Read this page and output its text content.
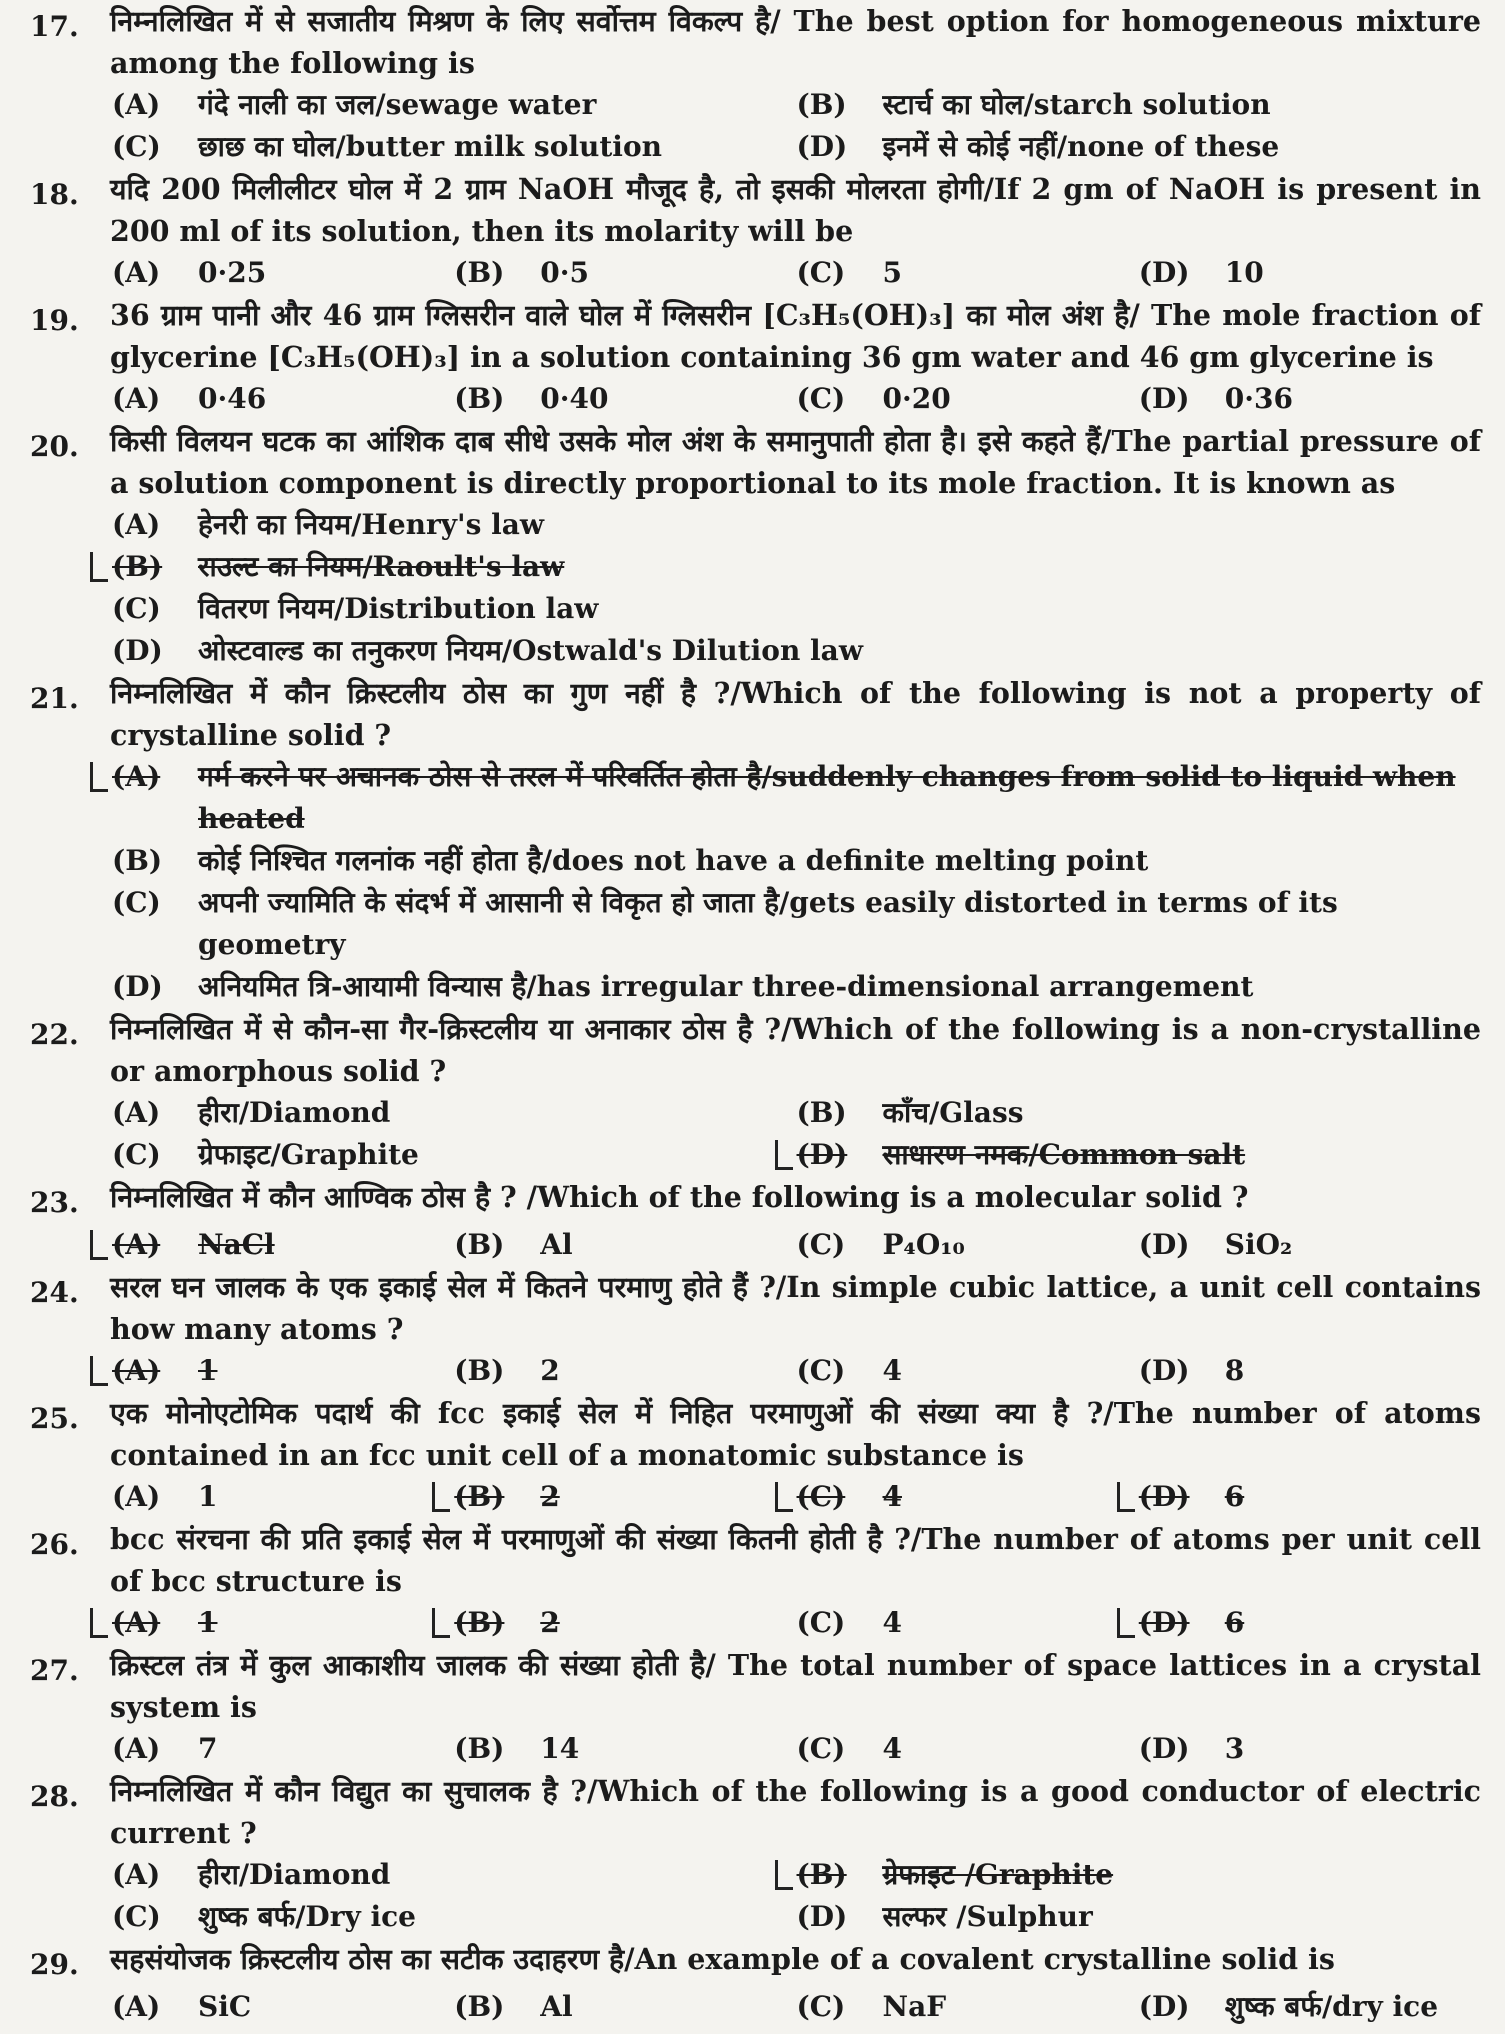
17.	निम्नलिखित में से सजातीय मिश्रण के लिए सर्वोत्तम विकल्प है/ The best option for homogeneous mixture among the following is
(A)	गंदे नाली का जल/sewage water	(B)	स्टार्च का घोल/starch solution
(C)	छाछ का घोल/butter milk solution	(D)	इनमें से कोई नहीं/none of these
18.	यदि 200 मिलीलीटर घोल में 2 ग्राम NaOH मौजूद है, तो इसकी मोलरता होगी/If 2 gm of NaOH is present in 200 ml of its solution, then its molarity will be
(A)	0·25	(B)	0·5	(C)	5	(D)	10
19.	36 ग्राम पानी और 46 ग्राम ग्लिसरीन वाले घोल में ग्लिसरीन [C₃H₅(OH)₃] का मोल अंश है/ The mole fraction of glycerine [C₃H₅(OH)₃] in a solution containing 36 gm water and 46 gm glycerine is
(A)	0·46	(B)	0·40	(C)	0·20	(D)	0·36
20.	किसी विलयन घटक का आंशिक दाब सीधे उसके मोल अंश के समानुपाती होता है। इसे कहते हैं/The partial pressure of a solution component is directly proportional to its mole fraction. It is known as
(A)	हेनरी का नियम/Henry's law
(B)	राउल्ट का नियम/Raoult's law
(C)	वितरण नियम/Distribution law
(D)	ओस्टवाल्ड का तनुकरण नियम/Ostwald's Dilution law
21.	निम्नलिखित में कौन क्रिस्टलीय ठोस का गुण नहीं है ?/Which of the following is not a property of crystalline solid ?
(A)	गर्म करने पर अचानक ठोस से तरल में परिवर्तित होता है/suddenly changes from solid to liquid when heated
(B)	कोई निश्चित गलनांक नहीं होता है/does not have a definite melting point
(C)	अपनी ज्यामिति के संदर्भ में आसानी से विकृत हो जाता है/gets easily distorted in terms of its geometry
(D)	अनियमित त्रि-आयामी विन्यास है/has irregular three-dimensional arrangement
22.	निम्नलिखित में से कौन-सा गैर-क्रिस्टलीय या अनाकार ठोस है ?/Which of the following is a non-crystalline or amorphous solid ?
(A)	हीरा/Diamond	(B)	काँच/Glass
(C)	ग्रेफाइट/Graphite	(D)	साधारण नमक/Common salt
23.	निम्नलिखित में कौन आण्विक ठोस है ? /Which of the following is a molecular solid ?
(A)	NaCl	(B)	Al	(C)	P₄O₁₀	(D)	SiO₂
24.	सरल घन जालक के एक इकाई सेल में कितने परमाणु होते हैं ?/In simple cubic lattice, a unit cell contains how many atoms ?
(A)	1	(B)	2	(C)	4	(D)	8
25.	एक मोनोएटोमिक पदार्थ की fcc इकाई सेल में निहित परमाणुओं की संख्या क्या है ?/The number of atoms contained in an fcc unit cell of a monatomic substance is
(A)	1	(B)	2	(C)	4	(D)	6
26.	bcc संरचना की प्रति इकाई सेल में परमाणुओं की संख्या कितनी होती है ?/The number of atoms per unit cell of bcc structure is
(A)	1	(B)	2	(C)	4	(D)	6
27.	क्रिस्टल तंत्र में कुल आकाशीय जालक की संख्या होती है/ The total number of space lattices in a crystal system is
(A)	7	(B)	14	(C)	4	(D)	3
28.	निम्नलिखित में कौन विद्युत का सुचालक है ?/Which of the following is a good conductor of electric current ?
(A)	हीरा/Diamond	(B)	ग्रेफाइट /Graphite
(C)	शुष्क बर्फ/Dry ice	(D)	सल्फर /Sulphur
29.	सहसंयोजक क्रिस्टलीय ठोस का सटीक उदाहरण है/An example of a covalent crystalline solid is
(A)	SiC	(B)	Al	(C)	NaF	(D)	शुष्क बर्फ/dry ice
